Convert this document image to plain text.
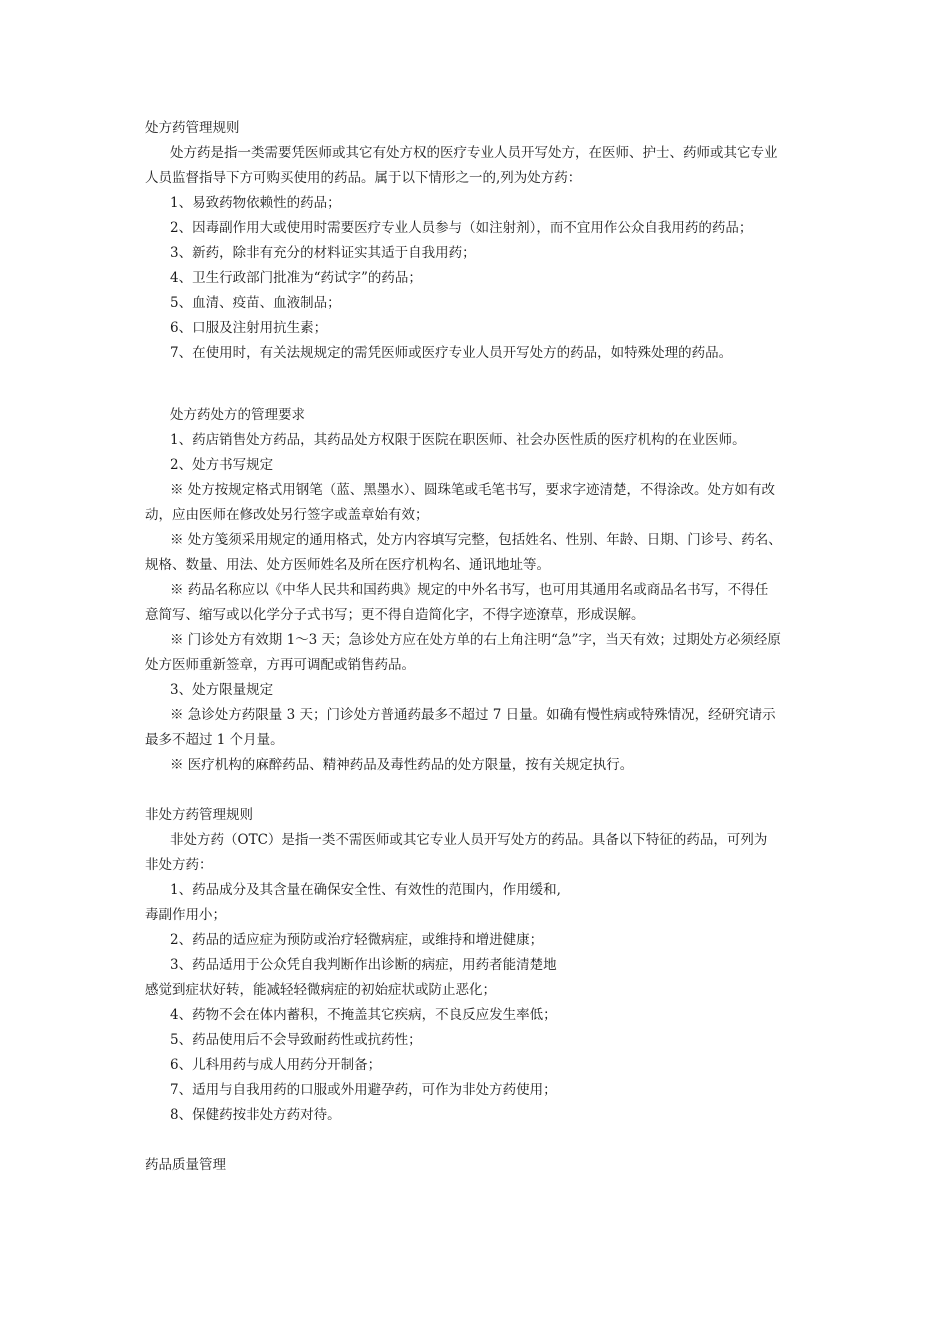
处方药管理规则

处方药是指一类需要凭医师或其它有处方权的医疗专业人员开写处方，在医师、护士、药师或其它专业

人员监督指导下方可购买使用的药品。属于以下情形之一的,列为处方药：

1、易致药物依赖性的药品；

2、因毒副作用大或使用时需要医疗专业人员参与（如注射剂），而不宜用作公众自我用药的药品；

3、新药，除非有充分的材料证实其适于自我用药；

4、卫生行政部门批准为“药试字”的药品；

5、血清、疫苗、血液制品；

6、口服及注射用抗生素；

7、在使用时，有关法规规定的需凭医师或医疗专业人员开写处方的药品，如特殊处理的药品。

处方药处方的管理要求

1、药店销售处方药品，其药品处方权限于医院在职医师、社会办医性质的医疗机构的在业医师。

2、处方书写规定

※ 处方按规定格式用钢笔（蓝、黑墨水）、圆珠笔或毛笔书写，要求字迹清楚，不得涂改。处方如有改

动，应由医师在修改处另行签字或盖章始有效；

※ 处方笺须采用规定的通用格式，处方内容填写完整，包括姓名、性别、年龄、日期、门诊号、药名、

规格、数量、用法、处方医师姓名及所在医疗机构名、通讯地址等。

※ 药品名称应以《中华人民共和国药典》规定的中外名书写，也可用其通用名或商品名书写，不得任

意简写、缩写或以化学分子式书写；更不得自造简化字，不得字迹潦草，形成误解。

※ 门诊处方有效期 1～3 天；急诊处方应在处方单的右上角注明“急”字，当天有效；过期处方必须经原

处方医师重新签章，方再可调配或销售药品。

3、处方限量规定

※ 急诊处方药限量 3 天；门诊处方普通药最多不超过 7 日量。如确有慢性病或特殊情况，经研究请示

最多不超过 1 个月量。

※ 医疗机构的麻醉药品、精神药品及毒性药品的处方限量，按有关规定执行。

非处方药管理规则

非处方药（OTC）是指一类不需医师或其它专业人员开写处方的药品。具备以下特征的药品，可列为

非处方药：

1、药品成分及其含量在确保安全性、有效性的范围内，作用缓和,

毒副作用小；

2、药品的适应症为预防或治疗轻微病症，或维持和增进健康；

3、药品适用于公众凭自我判断作出诊断的病症，用药者能清楚地

感觉到症状好转，能减轻轻微病症的初始症状或防止恶化；

4、药物不会在体内蓄积，不掩盖其它疾病，不良反应发生率低；

5、药品使用后不会导致耐药性或抗药性；

6、儿科用药与成人用药分开制备；

7、适用与自我用药的口服或外用避孕药，可作为非处方药使用；

8、保健药按非处方药对待。

药品质量管理
